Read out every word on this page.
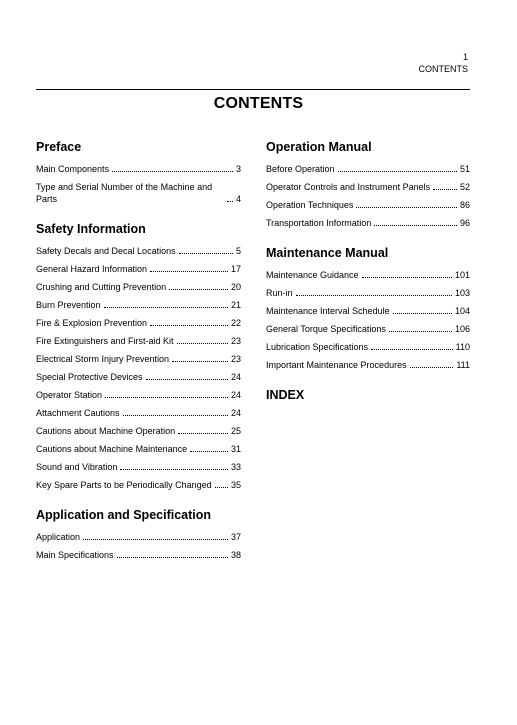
1
CONTENTS
CONTENTS
Preface
Main Components	3
Type and Serial Number of the Machine and Parts	4
Safety Information
Safety Decals and Decal Locations	5
General Hazard Information	17
Crushing and Cutting Prevention	20
Burn Prevention	21
Fire & Explosion Prevention	22
Fire Extinguishers and First-aid Kit	23
Electrical Storm Injury Prevention	23
Special Protective Devices	24
Operator Station	24
Attachment Cautions	24
Cautions about Machine Operation	25
Cautions about Machine Maintenance	31
Sound and Vibration	33
Key Spare Parts to be Periodically Changed 35
Application and Specification
Application	37
Main Specifications	38
Operation Manual
Before Operation	51
Operator Controls and Instrument Panels	52
Operation Techniques	86
Transportation Information	96
Maintenance Manual
Maintenance Guidance	101
Run-in	103
Maintenance Interval Schedule	104
General Torque Specifications	106
Lubrication Specifications	110
Important Maintenance Procedures	111
INDEX
